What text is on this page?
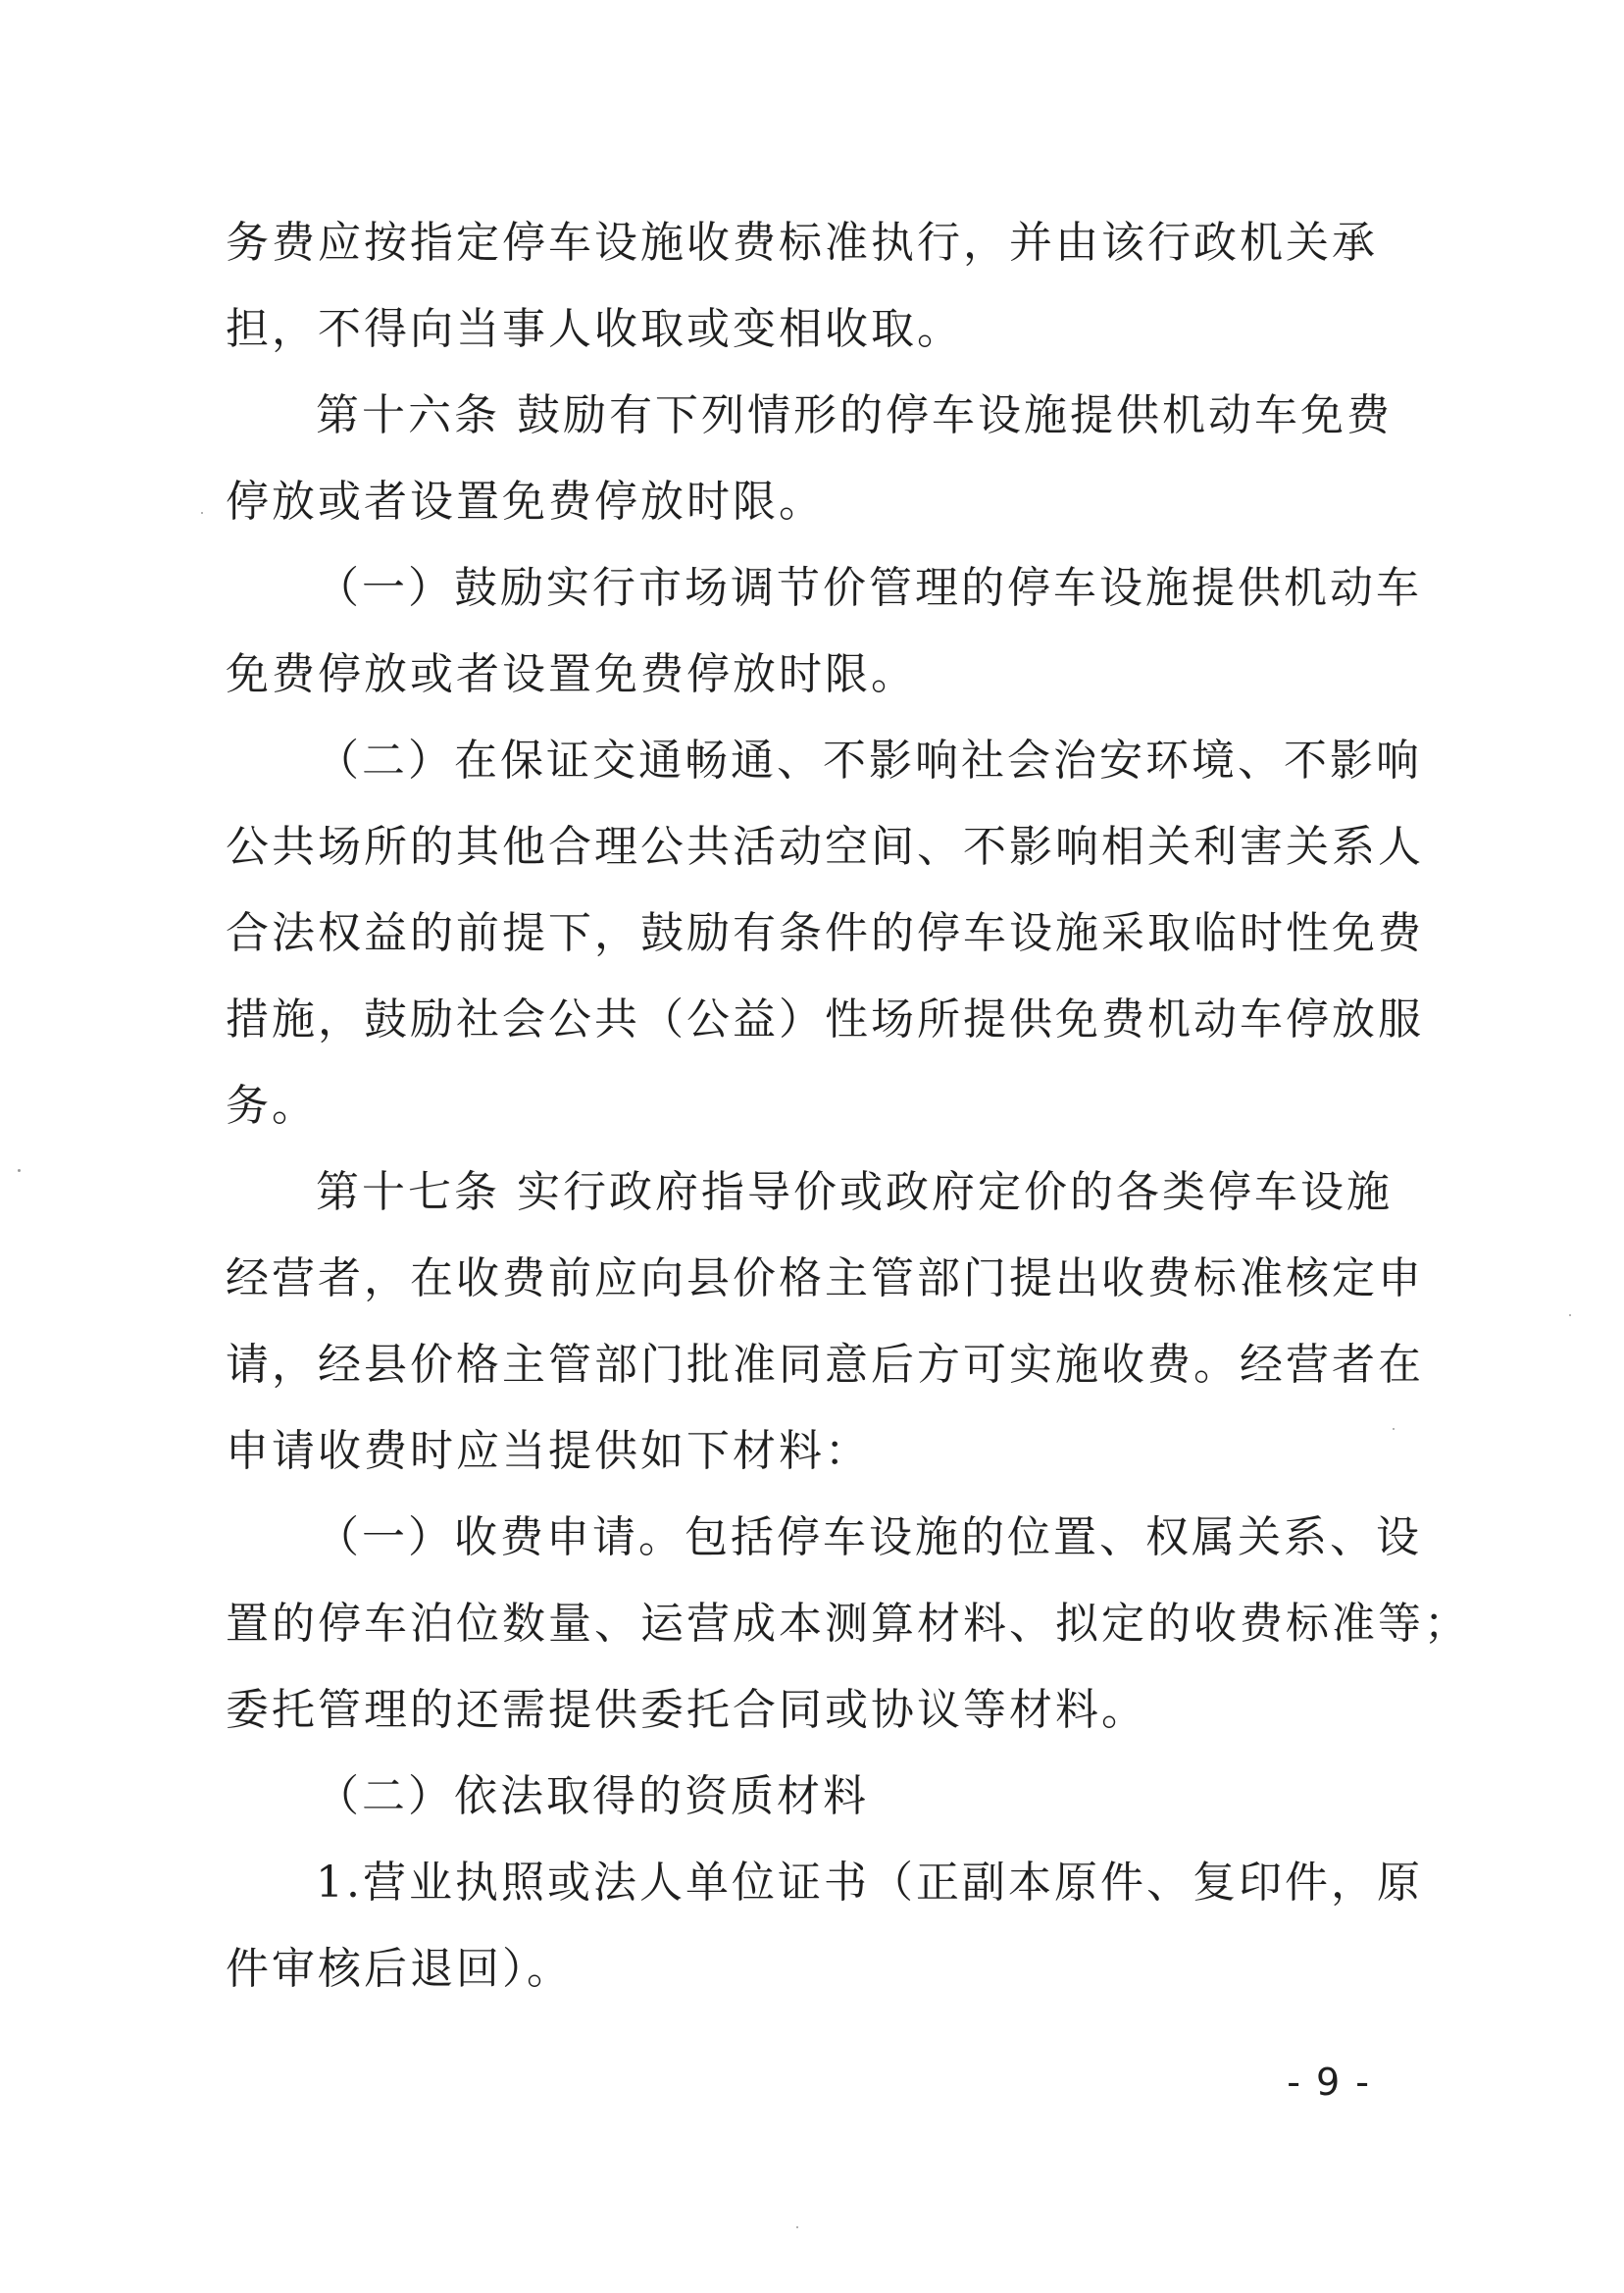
务费应按指定停车设施收费标准执行，并由该行政机关承
担，不得向当事人收取或变相收取。
第十六条 鼓励有下列情形的停车设施提供机动车免费
停放或者设置免费停放时限。
（一）鼓励实行市场调节价管理的停车设施提供机动车
免费停放或者设置免费停放时限。
（二）在保证交通畅通、不影响社会治安环境、不影响
公共场所的其他合理公共活动空间、不影响相关利害关系人
合法权益的前提下，鼓励有条件的停车设施采取临时性免费
措施，鼓励社会公共（公益）性场所提供免费机动车停放服
务。
第十七条 实行政府指导价或政府定价的各类停车设施
经营者，在收费前应向县价格主管部门提出收费标准核定申
请，经县价格主管部门批准同意后方可实施收费。经营者在
申请收费时应当提供如下材料：
（一）收费申请。包括停车设施的位置、权属关系、设
置的停车泊位数量、运营成本测算材料、拟定的收费标准等；
委托管理的还需提供委托合同或协议等材料。
（二）依法取得的资质材料
1.营业执照或法人单位证书（正副本原件、复印件，原
件审核后退回）。
- 9 -
